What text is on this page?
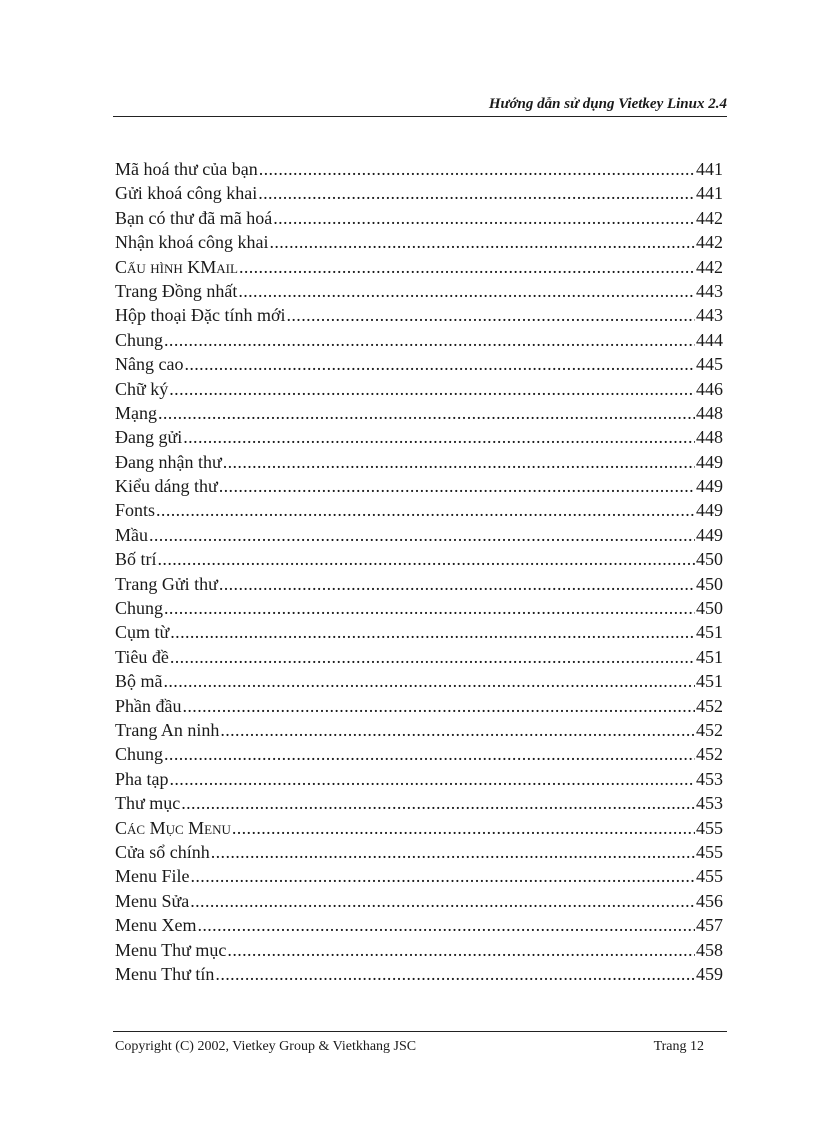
Hướng dẫn sử dụng Vietkey Linux 2.4
Mã hoá thư của bạn .....	441
Gửi khoá công khai .....	441
Bạn có thư đã mã hoá .....	442
Nhận khoá công khai .....	442
Cấu hình KMail .....	442
Trang Đồng nhất .....	443
Hộp thoại Đặc tính mới .....	443
Chung .....	444
Nâng cao .....	445
Chữ ký .....	446
Mạng .....	448
Đang gửi .....	448
Đang nhận thư .....	449
Kiểu dáng thư .....	449
Fonts .....	449
Mầu .....	449
Bố trí .....	450
Trang Gửi thư .....	450
Chung .....	450
Cụm từ .....	451
Tiêu đề .....	451
Bộ mã .....	451
Phần đầu .....	452
Trang An ninh .....	452
Chung .....	452
Pha tạp .....	453
Thư mục .....	453
Các Mục Menu .....	455
Cửa sổ chính .....	455
Menu File .....	455
Menu Sửa .....	456
Menu Xem .....	457
Menu Thư mục .....	458
Menu Thư tín .....	459
Copyright (C) 2002, Vietkey Group & Vietkhang JSC	Trang 12
